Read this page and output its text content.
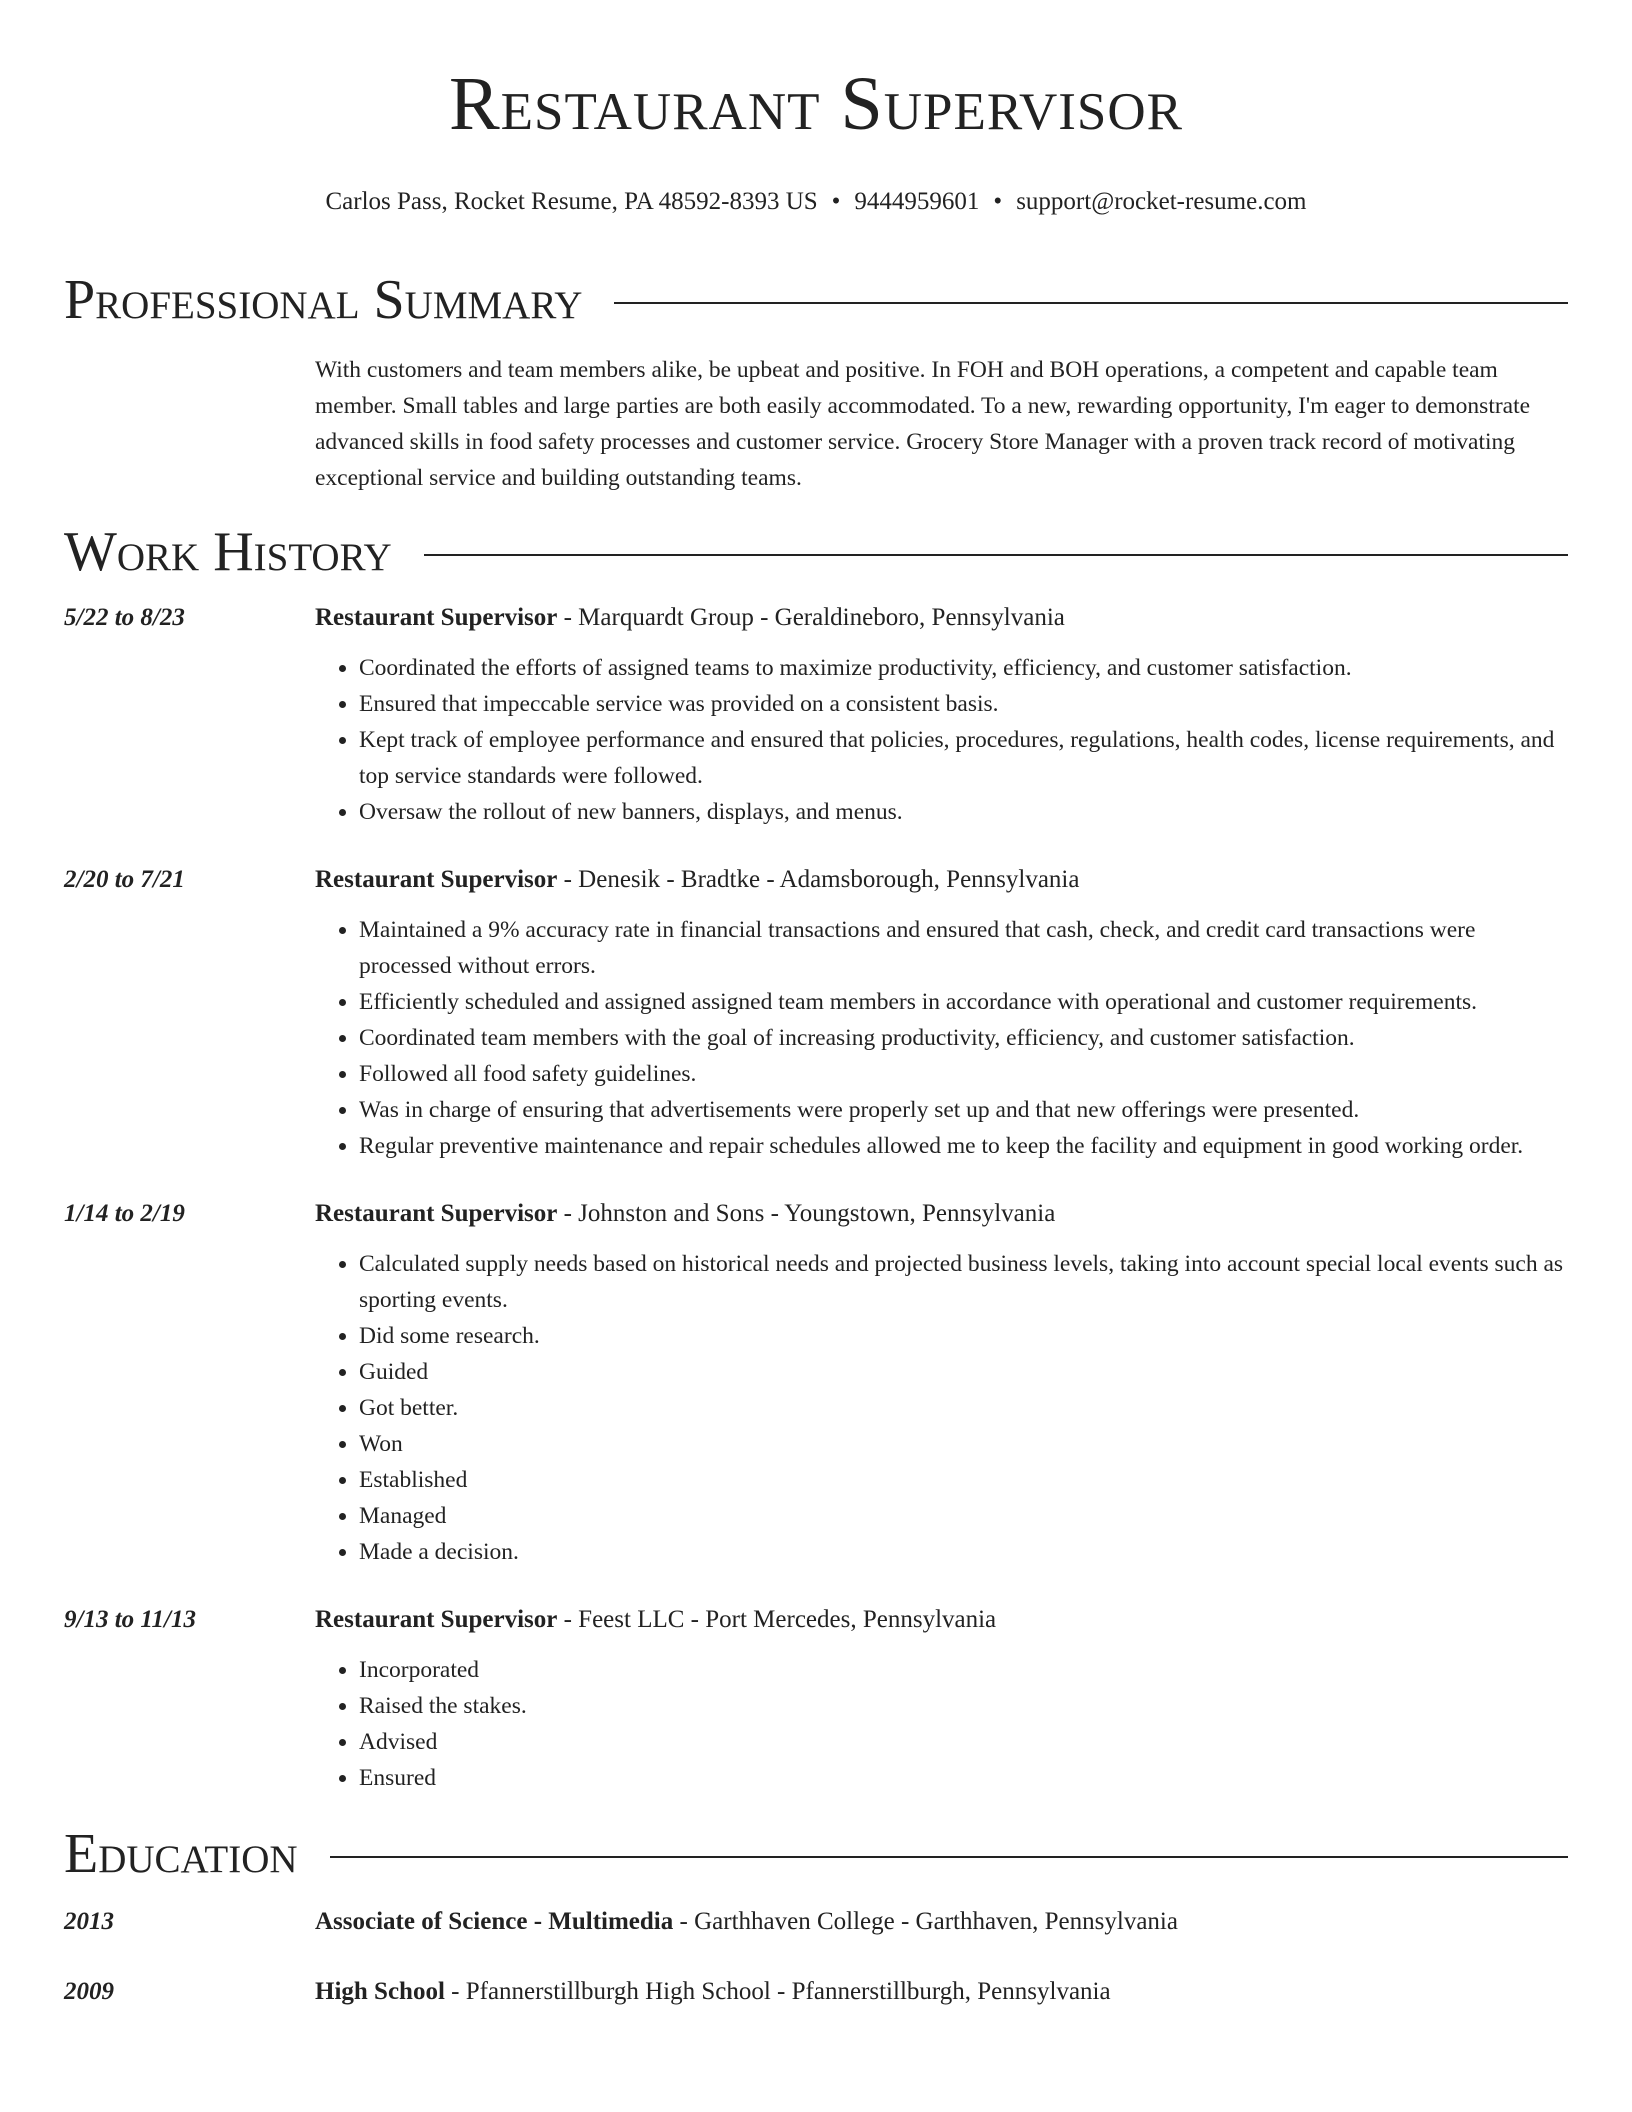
Restaurant Supervisor
Carlos Pass, Rocket Resume, PA 48592-8393 US • 9444959601 • support@rocket-resume.com
Professional Summary
With customers and team members alike, be upbeat and positive. In FOH and BOH operations, a competent and capable team member. Small tables and large parties are both easily accommodated. To a new, rewarding opportunity, I'm eager to demonstrate advanced skills in food safety processes and customer service. Grocery Store Manager with a proven track record of motivating exceptional service and building outstanding teams.
Work History
5/22 to 8/23	Restaurant Supervisor - Marquardt Group - Geraldineboro, Pennsylvania
• Coordinated the efforts of assigned teams to maximize productivity, efficiency, and customer satisfaction.
• Ensured that impeccable service was provided on a consistent basis.
• Kept track of employee performance and ensured that policies, procedures, regulations, health codes, license requirements, and top service standards were followed.
• Oversaw the rollout of new banners, displays, and menus.
2/20 to 7/21	Restaurant Supervisor - Denesik - Bradtke - Adamsborough, Pennsylvania
• Maintained a 9% accuracy rate in financial transactions and ensured that cash, check, and credit card transactions were processed without errors.
• Efficiently scheduled and assigned assigned team members in accordance with operational and customer requirements.
• Coordinated team members with the goal of increasing productivity, efficiency, and customer satisfaction.
• Followed all food safety guidelines.
• Was in charge of ensuring that advertisements were properly set up and that new offerings were presented.
• Regular preventive maintenance and repair schedules allowed me to keep the facility and equipment in good working order.
1/14 to 2/19	Restaurant Supervisor - Johnston and Sons - Youngstown, Pennsylvania
• Calculated supply needs based on historical needs and projected business levels, taking into account special local events such as sporting events.
• Did some research.
• Guided
• Got better.
• Won
• Established
• Managed
• Made a decision.
9/13 to 11/13	Restaurant Supervisor - Feest LLC - Port Mercedes, Pennsylvania
• Incorporated
• Raised the stakes.
• Advised
• Ensured
Education
2013	Associate of Science - Multimedia - Garthhaven College - Garthhaven, Pennsylvania
2009	High School - Pfannerstillburgh High School - Pfannerstillburgh, Pennsylvania
